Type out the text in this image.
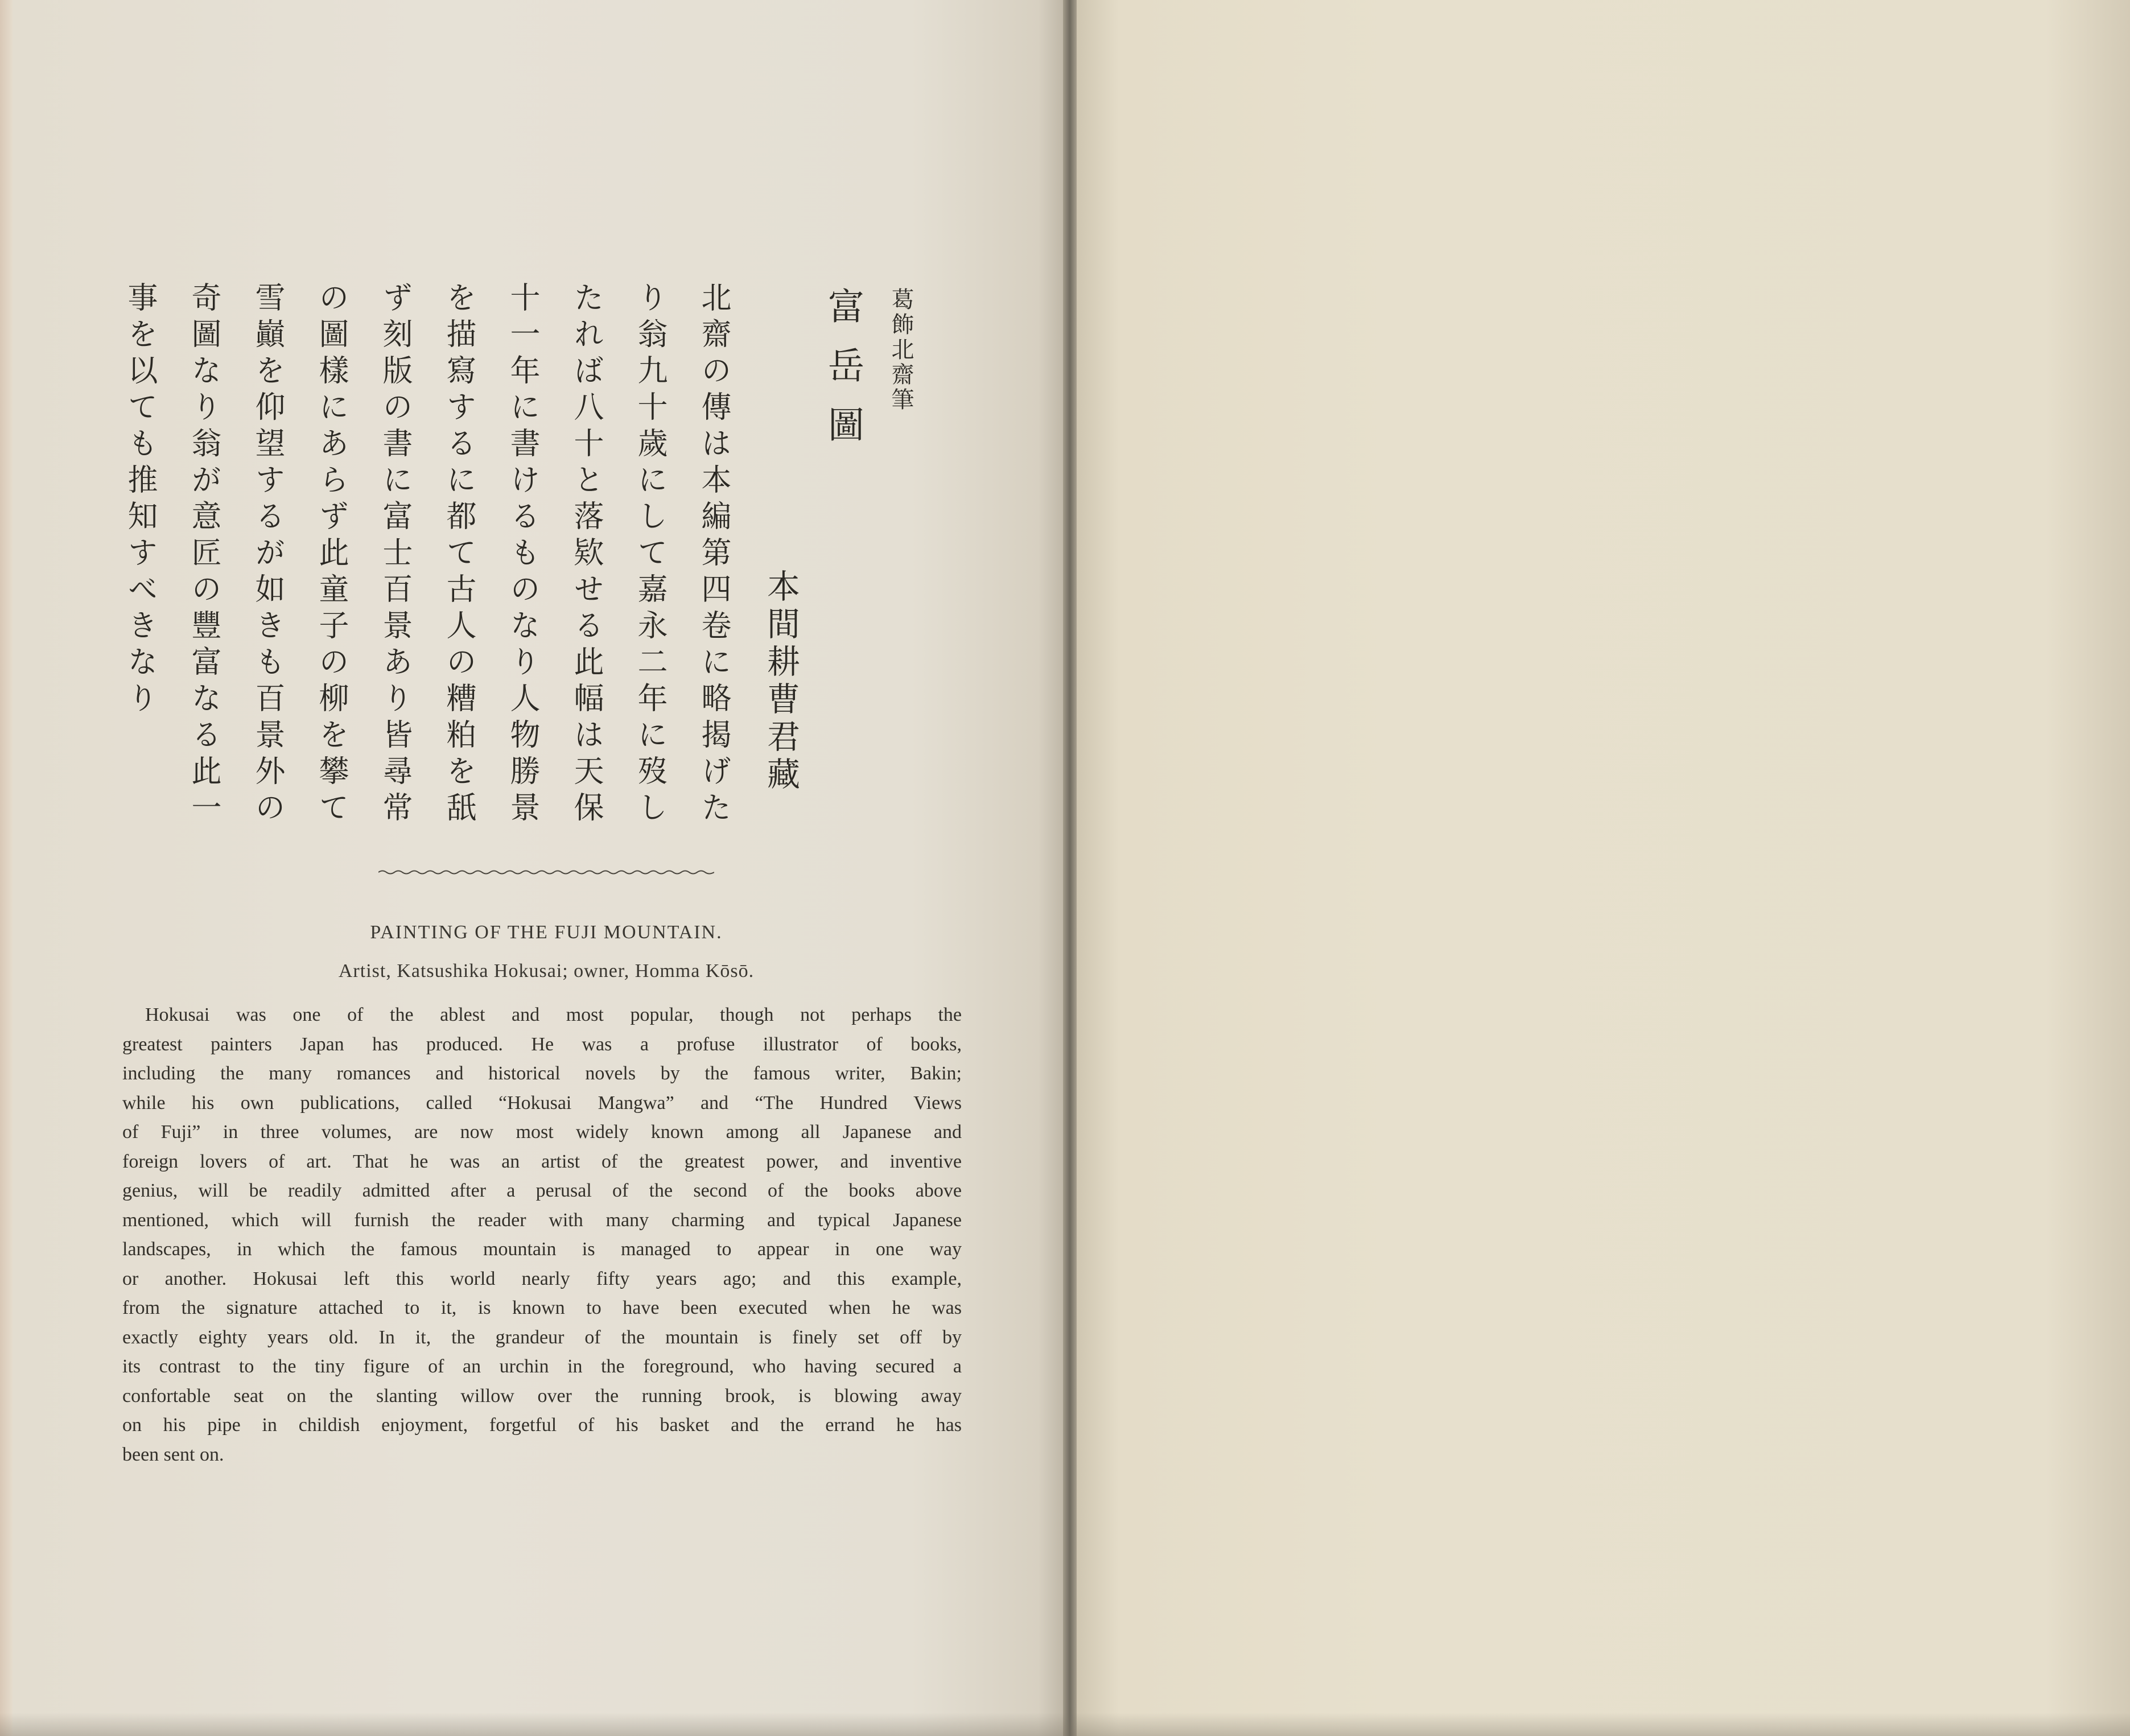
葛飾北齋筆
富岳圖
本間耕曹君藏
北齋の傳は本編第四卷に略揭げた
り翁九十歲にして嘉永二年に歿し
たれば八十と落欵せる此幅は天保
十一年に書けるものなり人物勝景
を描寫するに都て古人の糟粕を舐
ず刻版の書に富士百景あり皆尋常
の圖樣にあらず此童子の柳を攀て
雪巓を仰望するが如きも百景外の
奇圖なり翁が意匠の豐富なる此一
事を以ても推知すべきなり
PAINTING OF THE FUJI MOUNTAIN.
Artist, Katsushika Hokusai; owner, Homma Kōsō.
Hokusai was one of the ablest and most popular, though not perhaps the
greatest painters Japan has produced. He was a profuse illustrator of books,
including the many romances and historical novels by the famous writer, Bakin;
while his own publications, called “Hokusai Mangwa” and “The Hundred Views
of Fuji” in three volumes, are now most widely known among all Japanese and
foreign lovers of art. That he was an artist of the greatest power, and inventive
genius, will be readily admitted after a perusal of the second of the books above
mentioned, which will furnish the reader with many charming and typical Japanese
landscapes, in which the famous mountain is managed to appear in one way
or another. Hokusai left this world nearly fifty years ago; and this example,
from the signature attached to it, is known to have been executed when he was
exactly eighty years old. In it, the grandeur of the mountain is finely set off by
its contrast to the tiny figure of an urchin in the foreground, who having secured a
confortable seat on the slanting willow over the running brook, is blowing away
on his pipe in childish enjoyment, forgetful of his basket and the errand he has
been sent on.
